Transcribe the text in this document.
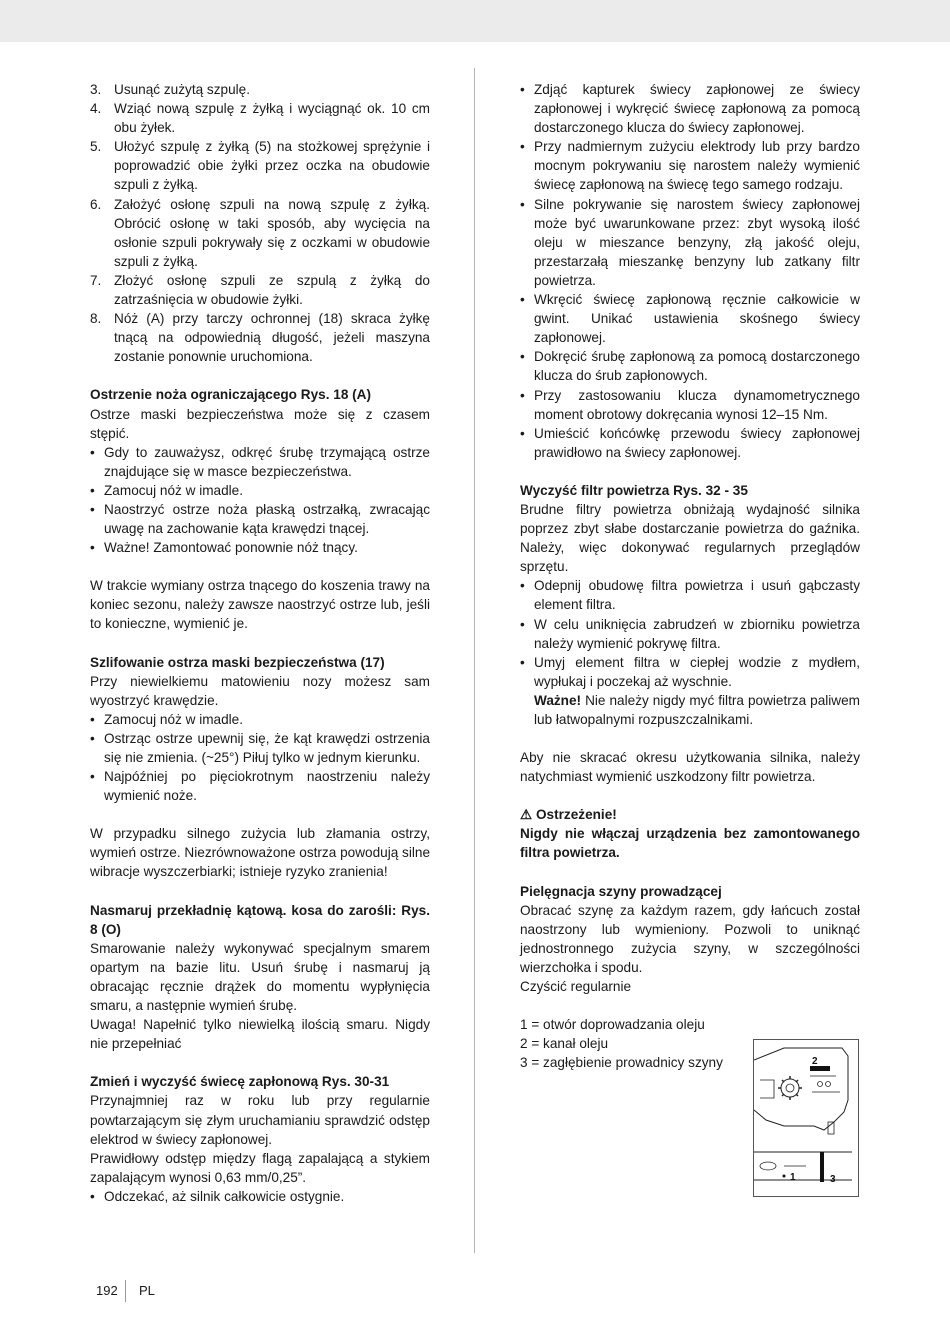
3. Usunąć zużytą szpulę.
4. Wziąć nową szpulę z żyłką i wyciągnąć ok. 10 cm obu żyłek.
5. Ułożyć szpulę z żyłką (5) na stożkowej sprężynie i poprowadzić obie żyłki przez oczka na obudowie szpuli z żyłką.
6. Założyć osłonę szpuli na nową szpulę z żyłką. Obrócić osłonę w taki sposób, aby wycięcia na osłonie szpuli pokrywały się z oczkami w obudowie szpuli z żyłką.
7. Złożyć osłonę szpuli ze szpulą z żyłką do zatrzaśnięcia w obudowie żyłki.
8. Nóż (A) przy tarczy ochronnej (18) skraca żyłkę tnącą na odpowiednią długość, jeżeli maszyna zostanie ponownie uruchomiona.

Ostrzenie noża ograniczającego Rys. 18 (A)

Ostrze maski bezpieczeństwa może się z czasem stępić.

• Gdy to zauważysz, odkręć śrubę trzymającą ostrze znajdujące się w masce bezpieczeństwa.
• Zamocuj nóż w imadle.
• Naostrzyć ostrze noża płaską ostrzałką, zwracając uwagę na zachowanie kąta krawędzi tnącej.
• Ważne! Zamontować ponownie nóż tnący.

W trakcie wymiany ostrza tnącego do koszenia trawy na koniec sezonu, należy zawsze naostrzyć ostrze lub, jeśli to konieczne, wymienić je.

Szlifowanie ostrza maski bezpieczeństwa (17)

Przy niewielkiemu matowieniu nozy możesz sam wyostrzyć krawędzie.

• Zamocuj nóż w imadle.
• Ostrząc ostrze upewnij się, że kąt krawędzi ostrzenia się nie zmienia. (~25°) Piłuj tylko w jednym kierunku.
• Najpóźniej po pięciokrotnym naostrzeniu należy wymienić noże.

W przypadku silnego zużycia lub złamania ostrzy, wymień ostrze. Niezrównoważone ostrza powodują silne wibracje wyszczerbiarki; istnieje ryzyko zranienia!

Nasmaruj przekładnię kątową. kosa do zarośli: Rys. 8 (O)

Smarowanie należy wykonywać specjalnym smarem opartym na bazie litu. Usuń śrubę i nasmaruj ją obracając ręcznie drążek do momentu wypłynięcia smaru, a następnie wymień śrubę.

Uwaga! Napełnić tylko niewielką ilością smaru. Nigdy nie przepełniać

Zmień i wyczyść świecę zapłonową Rys. 30-31

Przynajmniej raz w roku lub przy regularnie powtarzającym się złym uruchamianiu sprawdzić odstęp elektrod w świecy zapłonowej.

Prawidłowy odstęp między flagą zapalającą a stykiem zapalającym wynosi 0,63 mm/0,25”.

• Odczekać, aż silnik całkowicie ostygnie.
• Zdjąć kapturek świecy zapłonowej ze świecy zapłonowej i wykręcić świecę zapłonową za pomocą dostarczonego klucza do świecy zapłonowej.
• Przy nadmiernym zużyciu elektrody lub przy bardzo mocnym pokrywaniu się narostem należy wymienić świecę zapłonową na świecę tego samego rodzaju.
• Silne pokrywanie się narostem świecy zapłonowej może być uwarunkowane przez: zbyt wysoką ilość oleju w mieszance benzyny, złą jakość oleju, przestarzałą mieszankę benzyny lub zatkany filtr powietrza.
• Wkręcić świecę zapłonową ręcznie całkowicie w gwint. Unikać ustawienia skośnego świecy zapłonowej.
• Dokręcić śrubę zapłonową za pomocą dostarczonego klucza do śrub zapłonowych.
• Przy zastosowaniu klucza dynamometrycznego moment obrotowy dokręcania wynosi 12–15 Nm.
• Umieścić końcówkę przewodu świecy zapłonowej prawidłowo na świecy zapłonowej.

Wyczyść filtr powietrza Rys. 32 - 35

Brudne filtry powietrza obniżają wydajność silnika poprzez zbyt słabe dostarczanie powietrza do gaźnika. Należy, więc dokonywać regularnych przeglądów sprzętu.

• Odepnij obudowę filtra powietrza i usuń gąbczasty element filtra.
• W celu uniknięcia zabrudzeń w zbiorniku powietrza należy wymienić pokrywę filtra.
• Umyj element filtra w ciepłej wodzie z mydłem, wypłukaj i poczekaj aż wyschnie.

Ważne! Nie należy nigdy myć filtra powietrza paliwem lub łatwopalnymi rozpuszczalnikami.

Aby nie skracać okresu użytkowania silnika, należy natychmiast wymienić uszkodzony filtr powietrza.

⚠ Ostrzeżenie!

Nigdy nie włączaj urządzenia bez zamontowanego filtra powietrza.

Pielęgnacja szyny prowadzącej

Obracać szynę za każdym razem, gdy łańcuch został naostrzony lub wymieniony. Pozwoli to uniknąć jednostronnego zużycia szyny, w szczególności wierzchołka i spodu.

Czyścić regularnie

1 = otwór doprowadzania oleju

2 = kanał oleju

3 = zagłębienie prowadnicy szyny	2
1	3
192 PL
